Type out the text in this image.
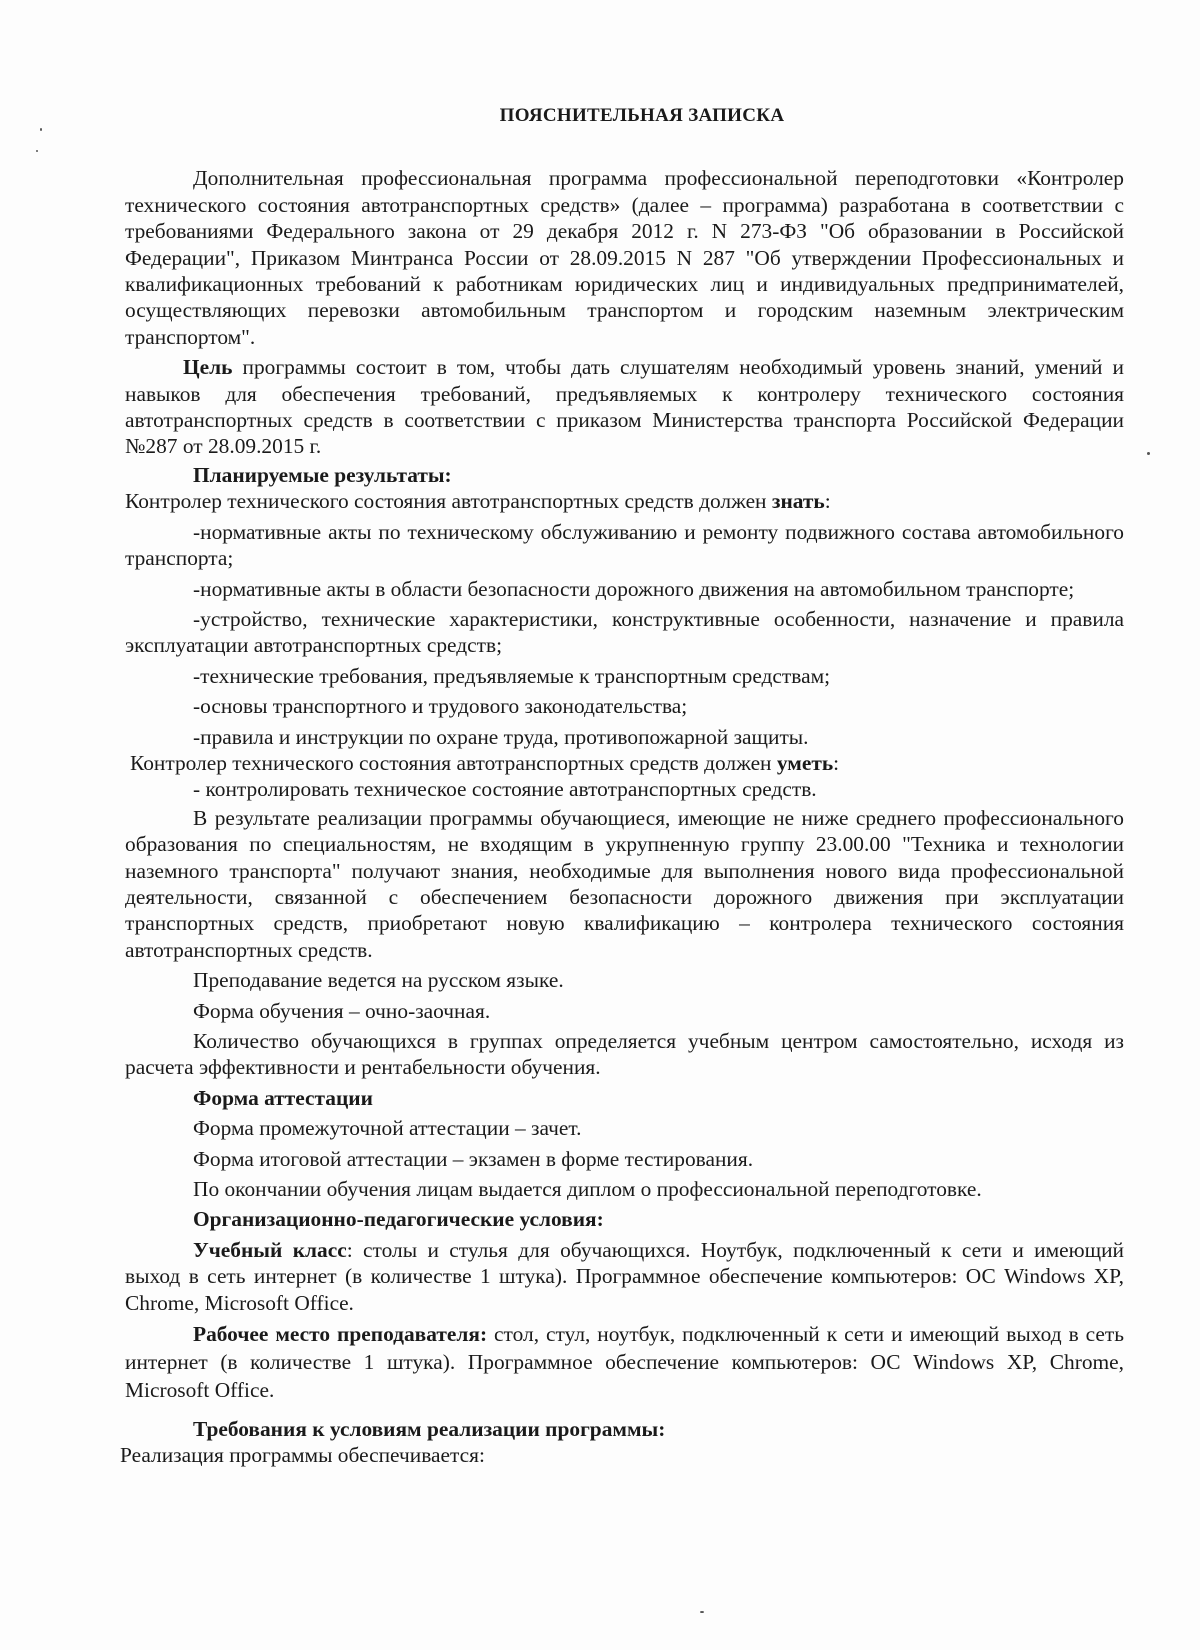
ПОЯСНИТЕЛЬНАЯ ЗАПИСКА

Дополнительная профессиональная программа профессиональной переподготовки «Контролер технического состояния автотранспортных средств» (далее – программа) разработана в соответствии с требованиями Федерального закона от 29 декабря 2012 г. N 273-ФЗ "Об образовании в Российской Федерации", Приказом Минтранса России от 28.09.2015 N 287 "Об утверждении Профессиональных и квалификационных требований к работникам юридических лиц и индивидуальных предпринимателей, осуществляющих перевозки автомобильным транспортом и городским наземным электрическим транспортом".

Цель программы состоит в том, чтобы дать слушателям необходимый уровень знаний, умений и навыков для обеспечения требований, предъявляемых к контролеру технического состояния автотранспортных средств в соответствии с приказом Министерства транспорта Российской Федерации №287 от 28.09.2015 г.

Планируемые результаты:

Контролер технического состояния автотранспортных средств должен знать:

-нормативные акты по техническому обслуживанию и ремонту подвижного состава автомобильного транспорта;

-нормативные акты в области безопасности дорожного движения на автомобильном транспорте;

-устройство, технические характеристики, конструктивные особенности, назначение и правила эксплуатации автотранспортных средств;

-технические требования, предъявляемые к транспортным средствам;

-основы транспортного и трудового законодательства;

-правила и инструкции по охране труда, противопожарной защиты.

Контролер технического состояния автотранспортных средств должен уметь:

- контролировать техническое состояние автотранспортных средств.

В результате реализации программы обучающиеся, имеющие не ниже среднего профессионального образования по специальностям, не входящим в укрупненную группу 23.00.00 "Техника и технологии наземного транспорта" получают знания, необходимые для выполнения нового вида профессиональной деятельности, связанной с обеспечением безопасности дорожного движения при эксплуатации транспортных средств, приобретают новую квалификацию – контролера технического состояния автотранспортных средств.

Преподавание ведется на русском языке.

Форма обучения – очно-заочная.

Количество обучающихся в группах определяется учебным центром самостоятельно, исходя из расчета эффективности и рентабельности обучения.

Форма аттестации

Форма промежуточной аттестации – зачет.

Форма итоговой аттестации – экзамен в форме тестирования.

По окончании обучения лицам выдается диплом о профессиональной переподготовке.

Организационно-педагогические условия:

Учебный класс: столы и стулья для обучающихся. Ноутбук, подключенный к сети и имеющий выход в сеть интернет (в количестве 1 штука). Программное обеспечение компьютеров: ОС Windows XP, Chrome, Microsoft Office.

Рабочее место преподавателя: стол, стул, ноутбук, подключенный к сети и имеющий выход в сеть интернет (в количестве 1 штука). Программное обеспечение компьютеров: ОС Windows XP, Chrome, Microsoft Office.

Требования к условиям реализации программы:

Реализация программы обеспечивается:
